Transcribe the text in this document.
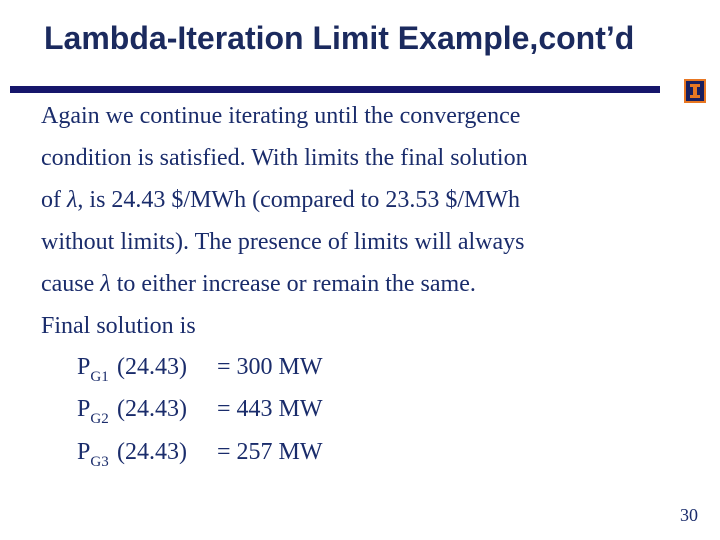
Lambda-Iteration Limit Example,cont’d

Again we continue iterating until the convergence

condition is satisfied. With limits the final solution

of λ, is 24.43 $/MWh (compared to 23.53 $/MWh

without limits). The presence of limits will always

cause λ to either increase or remain the same.

Final solution is

$P_{G1}$ (24.43) = 300 MW
$P_{G2}$ (24.43) = 443 MW
$P_{G3}$ (24.43) = 257 MW
30
